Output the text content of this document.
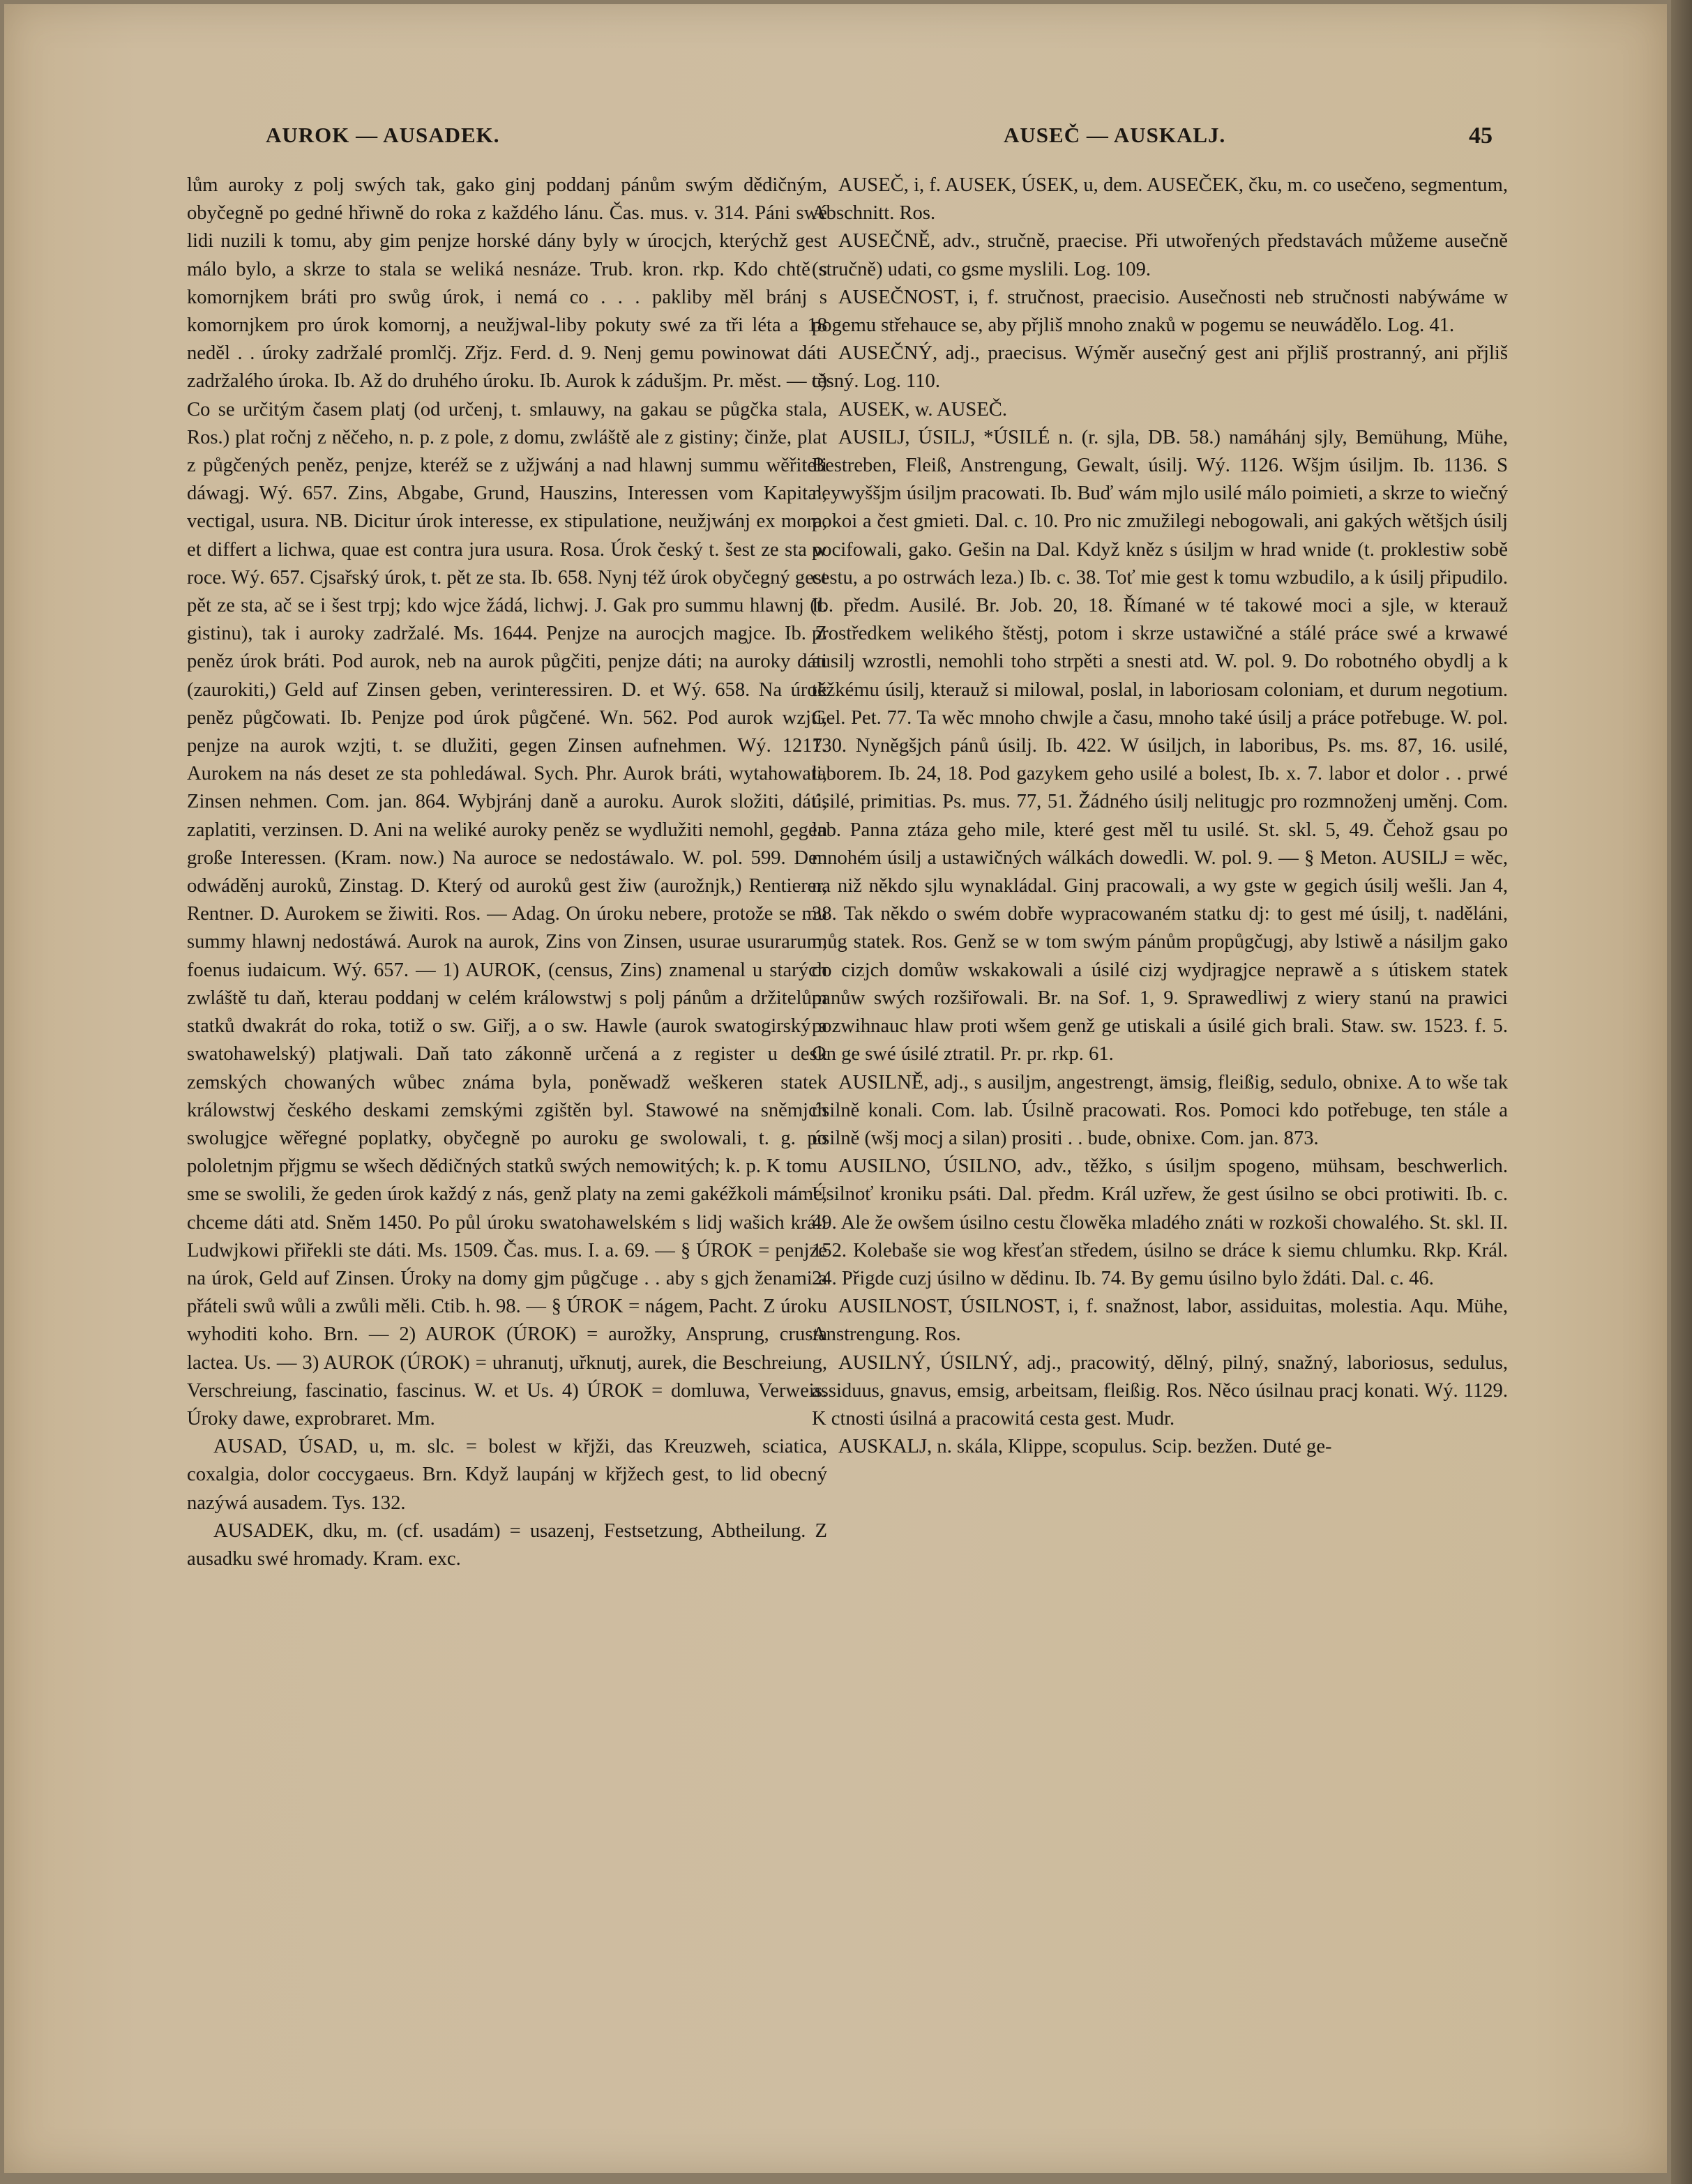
AUROK — AUSADEK.	AUSEČ — AUSKALJ.	45

lům auroky z polj swých tak, gako ginj poddanj pánům swým dědičným, obyčegně po gedné hřiwně do roka z každého lánu. Čas. mus. v. 314. Páni swé lidi nuzili k tomu, aby gim penjze horské dány byly w úrocjch, kterýchž gest málo bylo, a skrze to stala se weliká nesnáze. Trub. kron. rkp. Kdo chtě s komornjkem bráti pro swůg úrok, i nemá co . . . pakliby měl bránj s komornjkem pro úrok komornj, a neužjwal-liby pokuty swé za tři léta a 18 neděl . . úroky zadržalé promlčj. Zřjz. Ferd. d. 9. Nenj gemu powinowat dáti zadržalého úroka. Ib. Až do druhého úroku. Ib. Aurok k zádušjm. Pr. měst. — c) Co se určitým časem platj (od určenj, t. smlauwy, na gakau se půgčka stala, Ros.) plat ročnj z něčeho, n. p. z pole, z domu, zwláště ale z gistiny; činže, plat z půgčených peněz, penjze, kteréž se z užjwánj a nad hlawnj summu wěřiteli dáwagj. Wý. 657. Zins, Abgabe, Grund, Hauszins, Interessen vom Kapital, vectigal, usura. NB. Dicitur úrok interesse, ex stipulatione, neužjwánj ex mora, et differt a lichwa, quae est contra jura usura. Rosa. Úrok český t. šest ze sta w roce. Wý. 657. Cjsařský úrok, t. pět ze sta. Ib. 658. Nynj též úrok obyčegný gest pět ze sta, ač se i šest trpj; kdo wjce žádá, lichwj. J. Gak pro summu hlawnj (t. gistinu), tak i auroky zadržalé. Ms. 1644. Penjze na aurocjch magjce. Ib. Z peněz úrok bráti. Pod aurok, neb na aurok půgčiti, penjze dáti; na auroky dáti (zaurokiti,) Geld auf Zinsen geben, verinteressiren. D. et Wý. 658. Na úrok peněz půgčowati. Ib. Penjze pod úrok půgčené. Wn. 562. Pod aurok wzjti, penjze na aurok wzjti, t. se dlužiti, gegen Zinsen aufnehmen. Wý. 1217. Aurokem na nás deset ze sta pohledáwal. Sych. Phr. Aurok bráti, wytahowati, Zinsen nehmen. Com. jan. 864. Wybjránj daně a auroku. Aurok složiti, dáti, zaplatiti, verzinsen. D. Ani na weliké auroky peněz se wydlužiti nemohl, gegen große Interessen. (Kram. now.) Na auroce se nedostáwalo. W. pol. 599. Den odwáděnj auroků, Zinstag. D. Který od auroků gest žiw (aurožnjk,) Rentierer, Rentner. D. Aurokem se žiwiti. Ros. — Adag. On úroku nebere, protože se mu summy hlawnj nedostáwá. Aurok na aurok, Zins von Zinsen, usurae usurarum, foenus iudaicum. Wý. 657. — 1) AUROK, (census, Zins) znamenal u starých zwláště tu daň, kterau poddanj w celém králowstwj s polj pánům a držitelům statků dwakrát do roka, totiž o sw. Giřj, a o sw. Hawle (aurok swatogirský a swatohawelský) platjwali. Daň tato zákonně určená a z register u desk zemských chowaných wůbec známa byla, poněwadž weškeren statek králowstwj českého deskami zemskými zgištěn byl. Stawowé na sněmjch swolugjce wěřegné poplatky, obyčegně po auroku ge swolowali, t. g. po pololetnjm přjgmu se wšech dědičných statků swých nemowitých; k. p. K tomu sme se swolili, že geden úrok každý z nás, genž platy na zemi gakéžkoli máme, chceme dáti atd. Sněm 1450. Po půl úroku swatohawelském s lidj wašich králi Ludwjkowi přiřekli ste dáti. Ms. 1509. Čas. mus. I. a. 69. — § ÚROK = penjze na úrok, Geld auf Zinsen. Úroky na domy gjm půgčuge . . aby s gjch ženami a přáteli swů wůli a zwůli měli. Ctib. h. 98. — § ÚROK = nágem, Pacht. Z úroku wyhoditi koho. Brn. — 2) AUROK (ÚROK) = aurožky, Ansprung, crusta lactea. Us. — 3) AUROK (ÚROK) = uhranutj, uřknutj, aurek, die Beschreiung, Verschreiung, fascinatio, fascinus. W. et Us. 4) ÚROK = domluwa, Verweis. Úroky dawe, exprobraret. Mm.

AUSAD, ÚSAD, u, m. slc. = bolest w křjži, das Kreuzweh, sciatica, coxalgia, dolor coccygaeus. Brn. Když laupánj w křjžech gest, to lid obecný nazýwá ausadem. Tys. 132.

AUSADEK, dku, m. (cf. usadám) = usazenj, Festsetzung, Abtheilung. Z ausadku swé hromady. Kram. exc.

AUSEČ, i, f. AUSEK, ÚSEK, u, dem. AUSEČEK, čku, m. co usečeno, segmentum, Abschnitt. Ros.

AUSEČNĚ, adv., stručně, praecise. Při utwořených představách můžeme ausečně (stručně) udati, co gsme myslili. Log. 109.

AUSEČNOST, i, f. stručnost, praecisio. Ausečnosti neb stručnosti nabýwáme w pogemu střehauce se, aby přjliš mnoho znaků w pogemu se neuwádělo. Log. 41.

AUSEČNÝ, adj., praecisus. Wýměr ausečný gest ani přjliš prostranný, ani přjliš těsný. Log. 110.

AUSEK, w. AUSEČ.

AUSILJ, ÚSILJ, *ÚSILÉ n. (r. sjla, DB. 58.) namáhánj sjly, Bemühung, Mühe, Bestreben, Fleiß, Anstrengung, Gewalt, úsilj. Wý. 1126. Wšjm úsiljm. Ib. 1136. S neywyššjm úsiljm pracowati. Ib. Buď wám mjlo usilé málo poimieti, a skrze to wiečný pokoi a čest gmieti. Dal. c. 10. Pro nic zmužilegi nebogowali, ani gakých wětšjch úsilj pocifowali, gako. Gešin na Dal. Když kněz s úsiljm w hrad wnide (t. proklestiw sobě cestu, a po ostrwách leza.) Ib. c. 38. Toť mie gest k tomu wzbudilo, a k úsilj připudilo. Ib. předm. Ausilé. Br. Job. 20, 18. Římané w té takowé moci a sjle, w kterauž prostředkem welikého štěstj, potom i skrze ustawičné a stálé práce swé a krwawé ausilj wzrostli, nemohli toho strpěti a snesti atd. W. pol. 9. Do robotného obydlj a k těžkému úsilj, kterauž si milowal, poslal, in laboriosam coloniam, et durum negotium. Gel. Pet. 77. Ta wěc mnoho chwjle a času, mnoho také úsilj a práce potřebuge. W. pol. 130. Nyněgšjch pánů úsilj. Ib. 422. W úsiljch, in laboribus, Ps. ms. 87, 16. usilé, laborem. Ib. 24, 18. Pod gazykem geho usilé a bolest, Ib. x. 7. labor et dolor . . prwé úsilé, primitias. Ps. mus. 77, 51. Žádného úsilj nelitugjc pro rozmnoženj uměnj. Com. lab. Panna ztáza geho mile, které gest měl tu usilé. St. skl. 5, 49. Čehož gsau po mnohém úsilj a ustawičných wálkách dowedli. W. pol. 9. — § Meton. AUSILJ = wěc, na niž někdo sjlu wynakládal. Ginj pracowali, a wy gste w gegich úsilj wešli. Jan 4, 38. Tak někdo o swém dobře wypracowaném statku dj: to gest mé úsilj, t. naděláni, můg statek. Ros. Genž se w tom swým pánům propůgčugj, aby lstiwě a násiljm gako do cizjch domůw wskakowali a úsilé cizj wydjragjce neprawě a s útiskem statek panůw swých rozšiřowali. Br. na Sof. 1, 9. Sprawedliwj z wiery stanú na prawici pozwihnauc hlaw proti wšem genž ge utiskali a úsilé gich brali. Staw. sw. 1523. f. 5. On ge swé úsilé ztratil. Pr. pr. rkp. 61.

AUSILNĚ, adj., s ausiljm, angestrengt, ämsig, fleißig, sedulo, obnixe. A to wše tak úsilně konali. Com. lab. Úsilně pracowati. Ros. Pomoci kdo potřebuge, ten stále a úsilně (wšj mocj a silan) prositi . . bude, obnixe. Com. jan. 873.

AUSILNO, ÚSILNO, adv., těžko, s úsiljm spogeno, mühsam, beschwerlich. Úsilnoť kroniku psáti. Dal. předm. Král uzřew, že gest úsilno se obci protiwiti. Ib. c. 49. Ale že owšem úsilno cestu člowěka mladého znáti w rozkoši chowalého. St. skl. II. 152. Kolebaše sie wog křesťan středem, úsilno se dráce k siemu chlumku. Rkp. Král. 24. Přigde cuzj úsilno w dědinu. Ib. 74. By gemu úsilno bylo ždáti. Dal. c. 46.

AUSILNOST, ÚSILNOST, i, f. snažnost, labor, assiduitas, molestia. Aqu. Mühe, Anstrengung. Ros.

AUSILNÝ, ÚSILNÝ, adj., pracowitý, dělný, pilný, snažný, laboriosus, sedulus, assiduus, gnavus, emsig, arbeitsam, fleißig. Ros. Něco úsilnau pracj konati. Wý. 1129. K ctnosti úsilná a pracowitá cesta gest. Mudr.

AUSKALJ, n. skála, Klippe, scopulus. Scip. bezžen. Duté ge-
